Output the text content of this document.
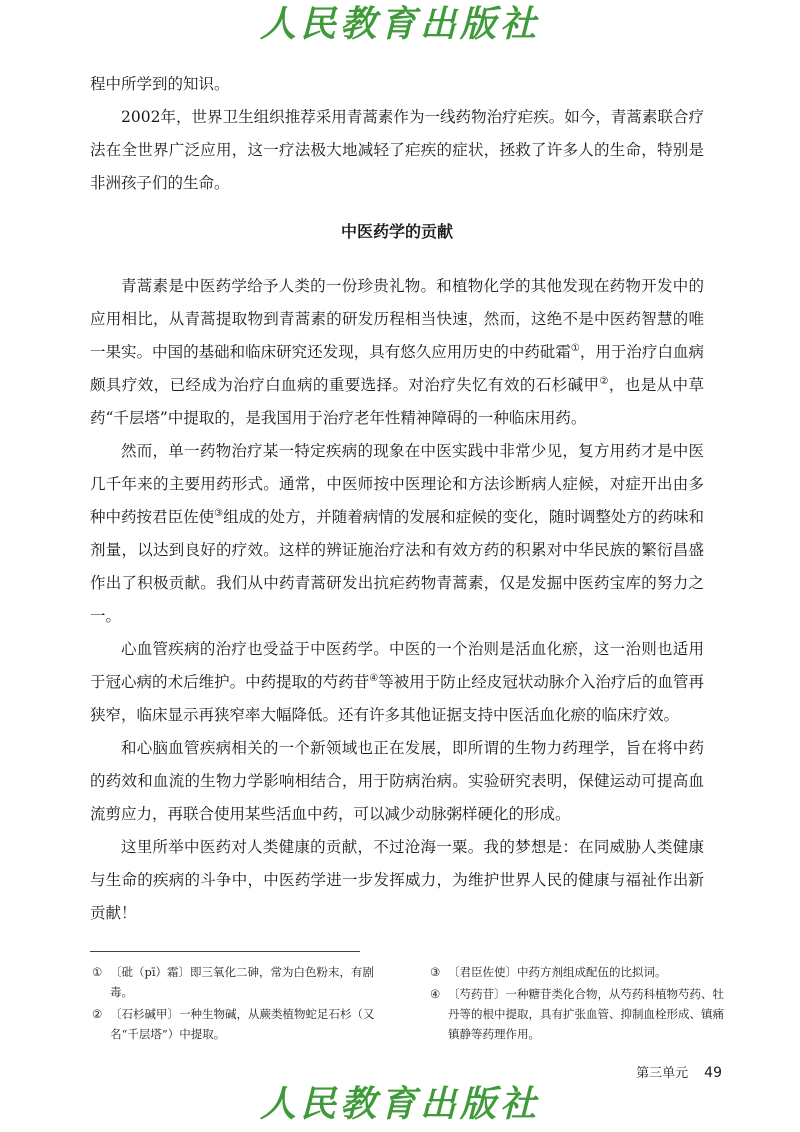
人民教育出版社

程中所学到的知识。

2002年，世界卫生组织推荐采用青蒿素作为一线药物治疗疟疾。如今，青蒿素联合疗法在全世界广泛应用，这一疗法极大地减轻了疟疾的症状，拯救了许多人的生命，特别是非洲孩子们的生命。

中医药学的贡献

青蒿素是中医药学给予人类的一份珍贵礼物。和植物化学的其他发现在药物开发中的应用相比，从青蒿提取物到青蒿素的研发历程相当快速，然而，这绝不是中医药智慧的唯一果实。中国的基础和临床研究还发现，具有悠久应用历史的中药砒霜①，用于治疗白血病颇具疗效，已经成为治疗白血病的重要选择。对治疗失忆有效的石杉碱甲②，也是从中草药“千层塔”中提取的，是我国用于治疗老年性精神障碍的一种临床用药。

然而，单一药物治疗某一特定疾病的现象在中医实践中非常少见，复方用药才是中医几千年来的主要用药形式。通常，中医师按中医理论和方法诊断病人症候，对症开出由多种中药按君臣佐使③组成的处方，并随着病情的发展和症候的变化，随时调整处方的药味和剂量，以达到良好的疗效。这样的辨证施治疗法和有效方药的积累对中华民族的繁衍昌盛作出了积极贡献。我们从中药青蒿研发出抗疟药物青蒿素，仅是发掘中医药宝库的努力之一。

心血管疾病的治疗也受益于中医药学。中医的一个治则是活血化瘀，这一治则也适用于冠心病的术后维护。中药提取的芍药苷④等被用于防止经皮冠状动脉介入治疗后的血管再狭窄，临床显示再狭窄率大幅降低。还有许多其他证据支持中医活血化瘀的临床疗效。

和心脑血管疾病相关的一个新领域也正在发展，即所谓的生物力药理学，旨在将中药的药效和血流的生物力学影响相结合，用于防病治病。实验研究表明，保健运动可提高血流剪应力，再联合使用某些活血中药，可以减少动脉粥样硬化的形成。

这里所举中医药对人类健康的贡献，不过沧海一粟。我的梦想是：在同威胁人类健康与生命的疾病的斗争中，中医药学进一步发挥威力，为维护世界人民的健康与福祉作出新贡献！

① 〔砒（pī）霜〕即三氧化二砷，常为白色粉末，有剧毒。
② 〔石杉碱甲〕一种生物碱，从蕨类植物蛇足石杉（又名“千层塔”）中提取。
③ 〔君臣佐使〕中药方剂组成配伍的比拟词。
④ 〔芍药苷〕一种糖苷类化合物，从芍药科植物芍药、牡丹等的根中提取，具有扩张血管、抑制血栓形成、镇痛镇静等药理作用。
第三单元 49
人民教育出版社
